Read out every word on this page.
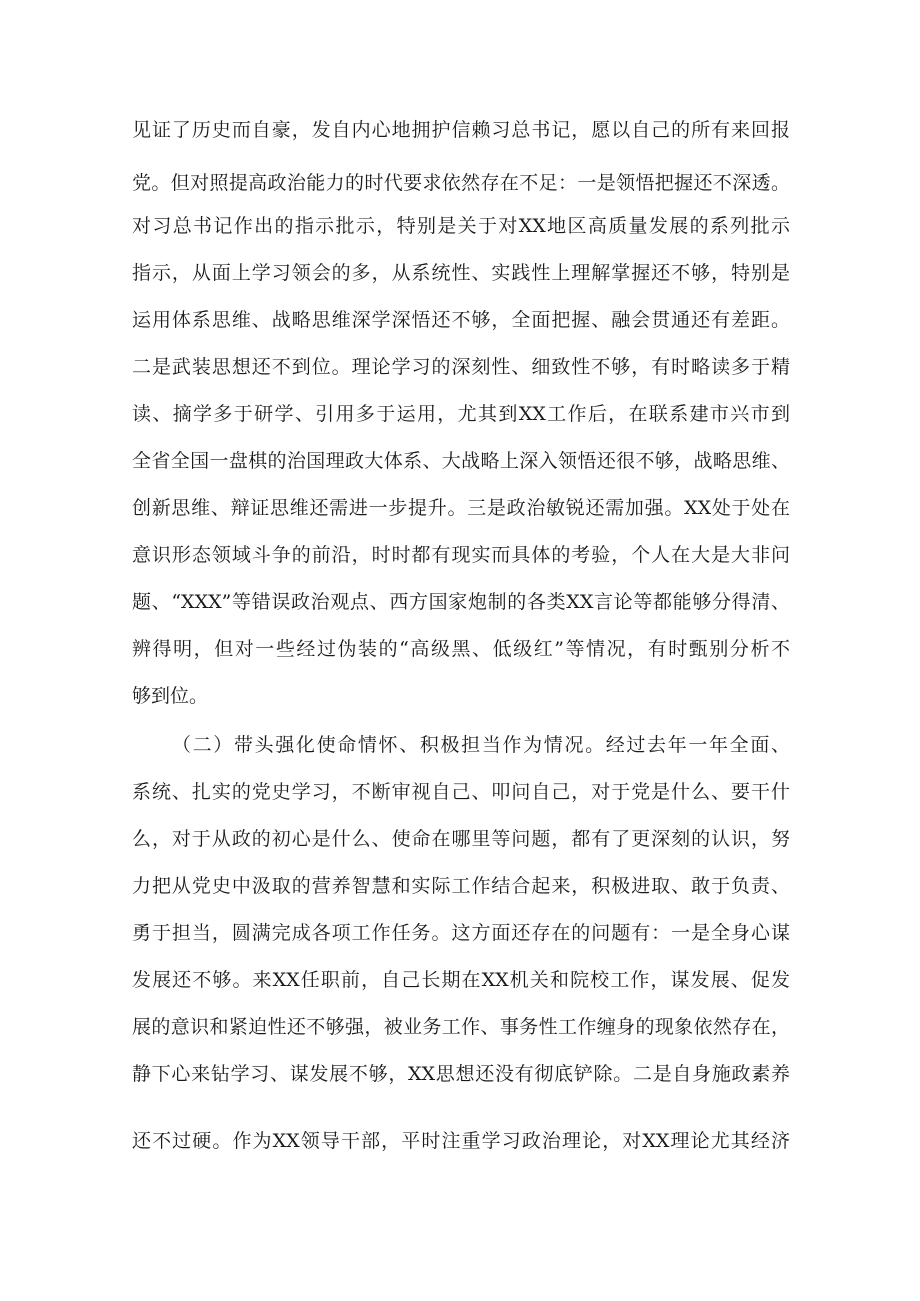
见证了历史而自豪，发自内心地拥护信赖习总书记，愿以自己的所有来回报
党。但对照提高政治能力的时代要求依然存在不足：一是领悟把握还不深透。
对习总书记作出的指示批示，特别是关于对XX地区高质量发展的系列批示
指示，从面上学习领会的多，从系统性、实践性上理解掌握还不够，特别是
运用体系思维、战略思维深学深悟还不够，全面把握、融会贯通还有差距。
二是武装思想还不到位。理论学习的深刻性、细致性不够，有时略读多于精
读、摘学多于研学、引用多于运用，尤其到XX工作后，在联系建市兴市到
全省全国一盘棋的治国理政大体系、大战略上深入领悟还很不够，战略思维、
创新思维、辩证思维还需进一步提升。三是政治敏锐还需加强。XX处于处在
意识形态领域斗争的前沿，时时都有现实而具体的考验，个人在大是大非问
题、“XXX”等错误政治观点、西方国家炮制的各类XX言论等都能够分得清、
辨得明，但对一些经过伪装的“高级黑、低级红”等情况，有时甄别分析不
够到位。
（二）带头强化使命情怀、积极担当作为情况。经过去年一年全面、
系统、扎实的党史学习，不断审视自己、叩问自己，对于党是什么、要干什
么，对于从政的初心是什么、使命在哪里等问题，都有了更深刻的认识，努
力把从党史中汲取的营养智慧和实际工作结合起来，积极进取、敢于负责、
勇于担当，圆满完成各项工作任务。这方面还存在的问题有：一是全身心谋
发展还不够。来XX任职前，自己长期在XX机关和院校工作，谋发展、促发
展的意识和紧迫性还不够强，被业务工作、事务性工作缠身的现象依然存在，
静下心来钻学习、谋发展不够，XX思想还没有彻底铲除。二是自身施政素养
还不过硬。作为XX领导干部，平时注重学习政治理论，对XX理论尤其经济
